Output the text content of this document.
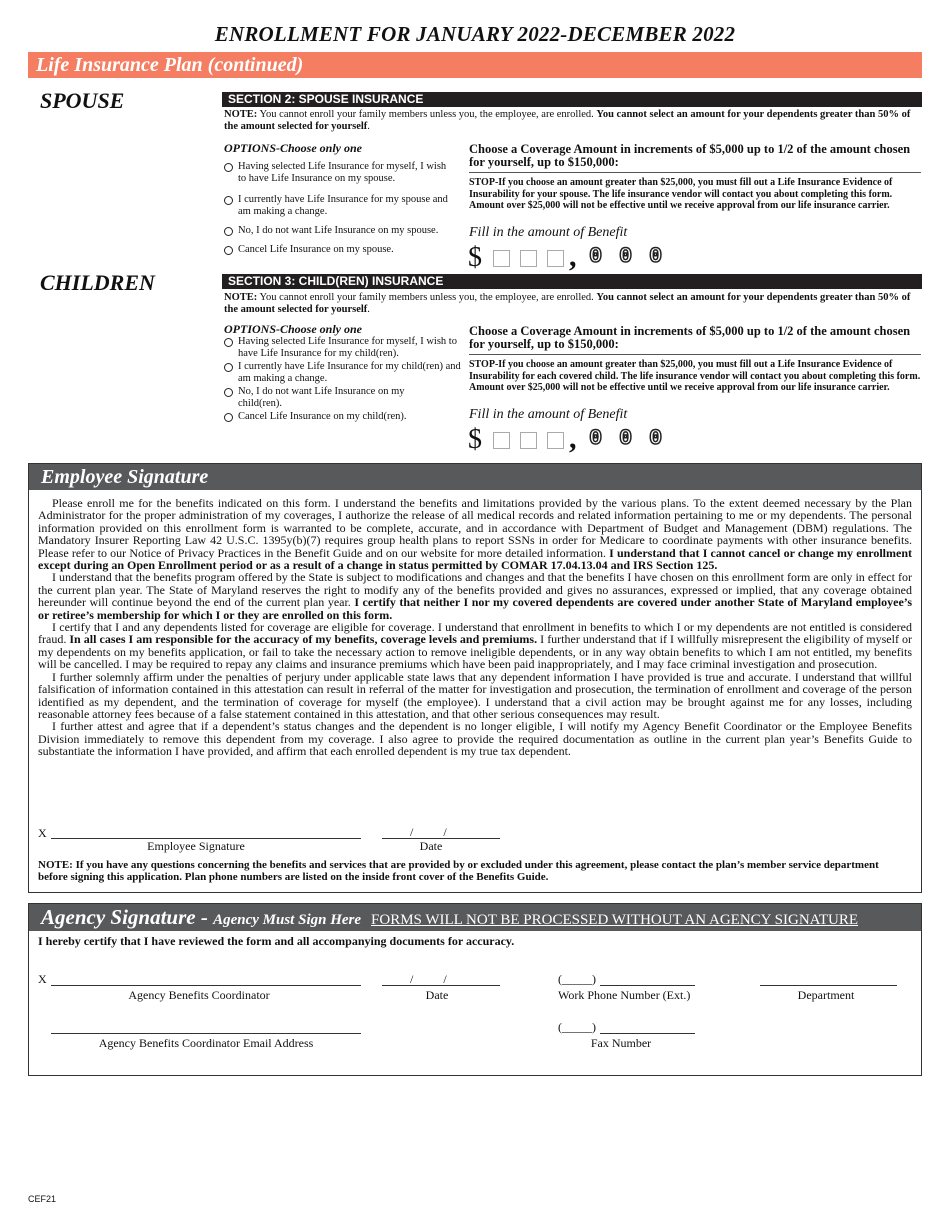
ENROLLMENT FOR JANUARY 2022-DECEMBER 2022
Life Insurance Plan (continued)
SPOUSE	SECTION 2: SPOUSE INSURANCE
NOTE: You cannot enroll your family members unless you, the employee, are enrolled. You cannot select an amount for your dependents greater than 50% of the amount selected for yourself.
OPTIONS-Choose only one
Having selected Life Insurance for myself, I wish to have Life Insurance on my spouse.
I currently have Life Insurance for my spouse and am making a change.
No, I do not want Life Insurance on my spouse.
Cancel Life Insurance on my spouse.
Choose a Coverage Amount in increments of $5,000 up to 1/2 of the amount chosen for yourself, up to $150,000:
STOP-If you choose an amount greater than $25,000, you must fill out a Life Insurance Evidence of Insurability for your spouse. The life insurance vendor will contact you about completing this form. Amount over $25,000 will not be effective until we receive approval from our life insurance carrier.
Fill in the amount of Benefit
$	, 0 0 0
CHILDREN	SECTION 3: CHILD(REN) INSURANCE
NOTE: You cannot enroll your family members unless you, the employee, are enrolled. You cannot select an amount for your dependents greater than 50% of the amount selected for yourself.
OPTIONS-Choose only one
Having selected Life Insurance for myself, I wish to have Life Insurance for my child(ren).
I currently have Life Insurance for my child(ren) and am making a change.
No, I do not want Life Insurance on my child(ren).
Cancel Life Insurance on my child(ren).
Choose a Coverage Amount in increments of $5,000 up to 1/2 of the amount chosen for yourself, up to $150,000:
STOP-If you choose an amount greater than $25,000, you must fill out a Life Insurance Evidence of Insurability for each covered child. The life insurance vendor will contact you about completing this form. Amount over $25,000 will not be effective until we receive approval from our life insurance carrier.
Fill in the amount of Benefit
$	, 0 0 0
Employee Signature

Please enroll me for the benefits indicated on this form. I understand the benefits and limitations provided by the various plans. To the extent deemed necessary by the Plan Administrator for the proper administration of my coverages, I authorize the release of all medical records and related information pertaining to me or my dependents. The personal information provided on this enrollment form is warranted to be complete, accurate, and in accordance with Department of Budget and Management (DBM) regulations. The Mandatory Insurer Reporting Law 42 U.S.C. 1395y(b)(7) requires group health plans to report SSNs in order for Medicare to coordinate payments with other insurance benefits. Please refer to our Notice of Privacy Practices in the Benefit Guide and on our website for more detailed information. I understand that I cannot cancel or change my enrollment except during an Open Enrollment period or as a result of a change in status permitted by COMAR 17.04.13.04 and IRS Section 125.

I understand that the benefits program offered by the State is subject to modifications and changes and that the benefits I have chosen on this enrollment form are only in effect for the current plan year. The State of Maryland reserves the right to modify any of the benefits provided and gives no assurances, expressed or implied, that any coverage obtained hereunder will continue beyond the end of the current plan year. I certify that neither I nor my covered dependents are covered under another State of Maryland employee’s or retiree’s membership for which I or they are enrolled on this form.

I certify that I and any dependents listed for coverage are eligible for coverage. I understand that enrollment in benefits to which I or my dependents are not entitled is considered fraud. In all cases I am responsible for the accuracy of my benefits, coverage levels and premiums. I further understand that if I willfully misrepresent the eligibility of myself or my dependents on my benefits application, or fail to take the necessary action to remove ineligible dependents, or in any way obtain benefits to which I am not entitled, my benefits will be cancelled. I may be required to repay any claims and insurance premiums which have been paid inappropriately, and I may face criminal investigation and prosecution.

I further solemnly affirm under the penalties of perjury under applicable state laws that any dependent information I have provided is true and accurate. I understand that willful falsification of information contained in this attestation can result in referral of the matter for investigation and prosecution, the termination of enrollment and coverage of the person identified as my dependent, and the termination of coverage for myself (the employee). I understand that a civil action may be brought against me for any losses, including reasonable attorney fees because of a false statement contained in this attestation, and that other serious consequences may result.

I further attest and agree that if a dependent’s status changes and the dependent is no longer eligible, I will notify my Agency Benefit Coordinator or the Employee Benefits Division immediately to remove this dependent from my coverage. I also agree to provide the required documentation as outline in the current plan year’s Benefits Guide to substantiate the information I have provided, and affirm that each enrolled dependent is my true tax dependent.

X
Employee Signature
/          /
Date
NOTE: If you have any questions concerning the benefits and services that are provided by or excluded under this agreement, please contact the plan’s member service department before signing this application. Plan phone numbers are listed on the inside front cover of the Benefits Guide.
Agency Signature - Agency Must Sign Here FORMS WILL NOT BE PROCESSED WITHOUT AN AGENCY SIGNATURE
I hereby certify that I have reviewed the form and all accompanying documents for accuracy.
X
Agency Benefits Coordinator
/          /
Date
(_____)
Work Phone Number (Ext.)	Department
Agency Benefits Coordinator Email Address
(_____)
Fax Number
CEF21
